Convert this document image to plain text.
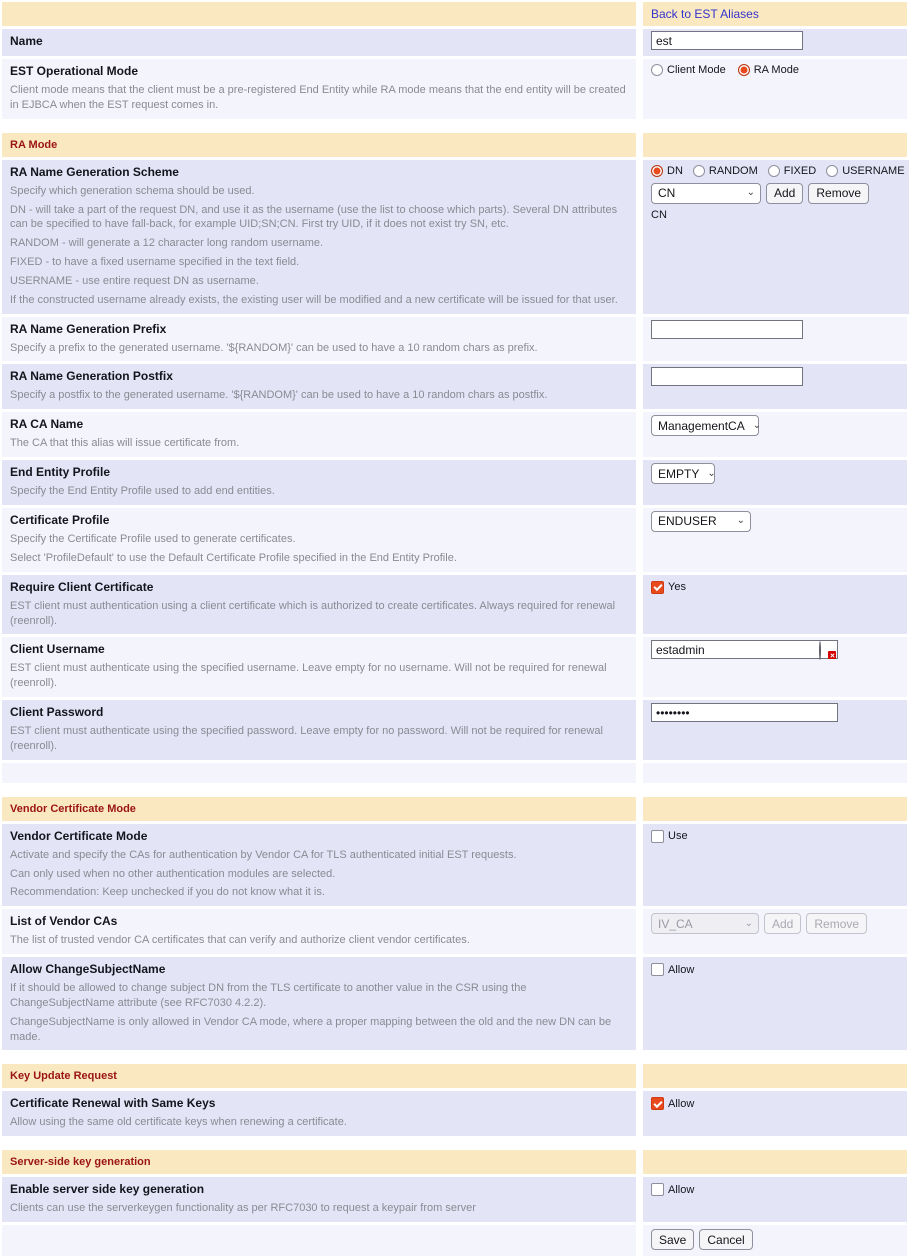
Back to EST Aliases
Name
est
EST Operational Mode
Client mode means that the client must be a pre-registered End Entity while RA mode means that the end entity will be created in EJBCA when the EST request comes in.
Client Mode	RA Mode
RA Mode
RA Name Generation Scheme
Specify which generation schema should be used.
DN - will take a part of the request DN, and use it as the username (use the list to choose which parts). Several DN attributes can be specified to have fall-back, for example UID;SN;CN. First try UID, if it does not exist try SN, etc.
RANDOM - will generate a 12 character long random username.
FIXED - to have a fixed username specified in the text field.
USERNAME - use entire request DN as username.
If the constructed username already exists, the existing user will be modified and a new certificate will be issued for that user.
DN RANDOM FIXED USERNAME
CN	⌄	Add	Remove
CN
RA Name Generation Prefix
Specify a prefix to the generated username. '${RANDOM}' can be used to have a 10 random chars as prefix.
RA Name Generation Postfix
Specify a postfix to the generated username. '${RANDOM}' can be used to have a 10 random chars as postfix.
RA CA Name
The CA that this alias will issue certificate from.
ManagementCA ⌄
End Entity Profile
Specify the End Entity Profile used to add end entities.
EMPTY ⌄
Certificate Profile
Specify the Certificate Profile used to generate certificates.
Select 'ProfileDefault' to use the Default Certificate Profile specified in the End Entity Profile.
ENDUSER ⌄
Require Client Certificate
EST client must authentication using a client certificate which is authorized to create certificates. Always required for renewal (reenroll).
Yes
Client Username
EST client must authenticate using the specified username. Leave empty for no username. Will not be required for renewal (reenroll).
estadmin
Client Password
EST client must authenticate using the specified password. Leave empty for no password. Will not be required for renewal (reenroll).
••••••••
Vendor Certificate Mode
Vendor Certificate Mode
Activate and specify the CAs for authentication by Vendor CA for TLS authenticated initial EST requests.
Can only used when no other authentication modules are selected.
Recommendation: Keep unchecked if you do not know what it is.
Use
List of Vendor CAs
The list of trusted vendor CA certificates that can verify and authorize client vendor certificates.
IV_CA	⌄	Add	Remove
Allow ChangeSubjectName
If it should be allowed to change subject DN from the TLS certificate to another value in the CSR using the ChangeSubjectName attribute (see RFC7030 4.2.2).
ChangeSubjectName is only allowed in Vendor CA mode, where a proper mapping between the old and the new DN can be made.
Allow
Key Update Request
Certificate Renewal with Same Keys
Allow using the same old certificate keys when renewing a certificate.
Allow
Server-side key generation
Enable server side key generation
Clients can use the serverkeygen functionality as per RFC7030 to request a keypair from server
Allow
Save	Cancel
